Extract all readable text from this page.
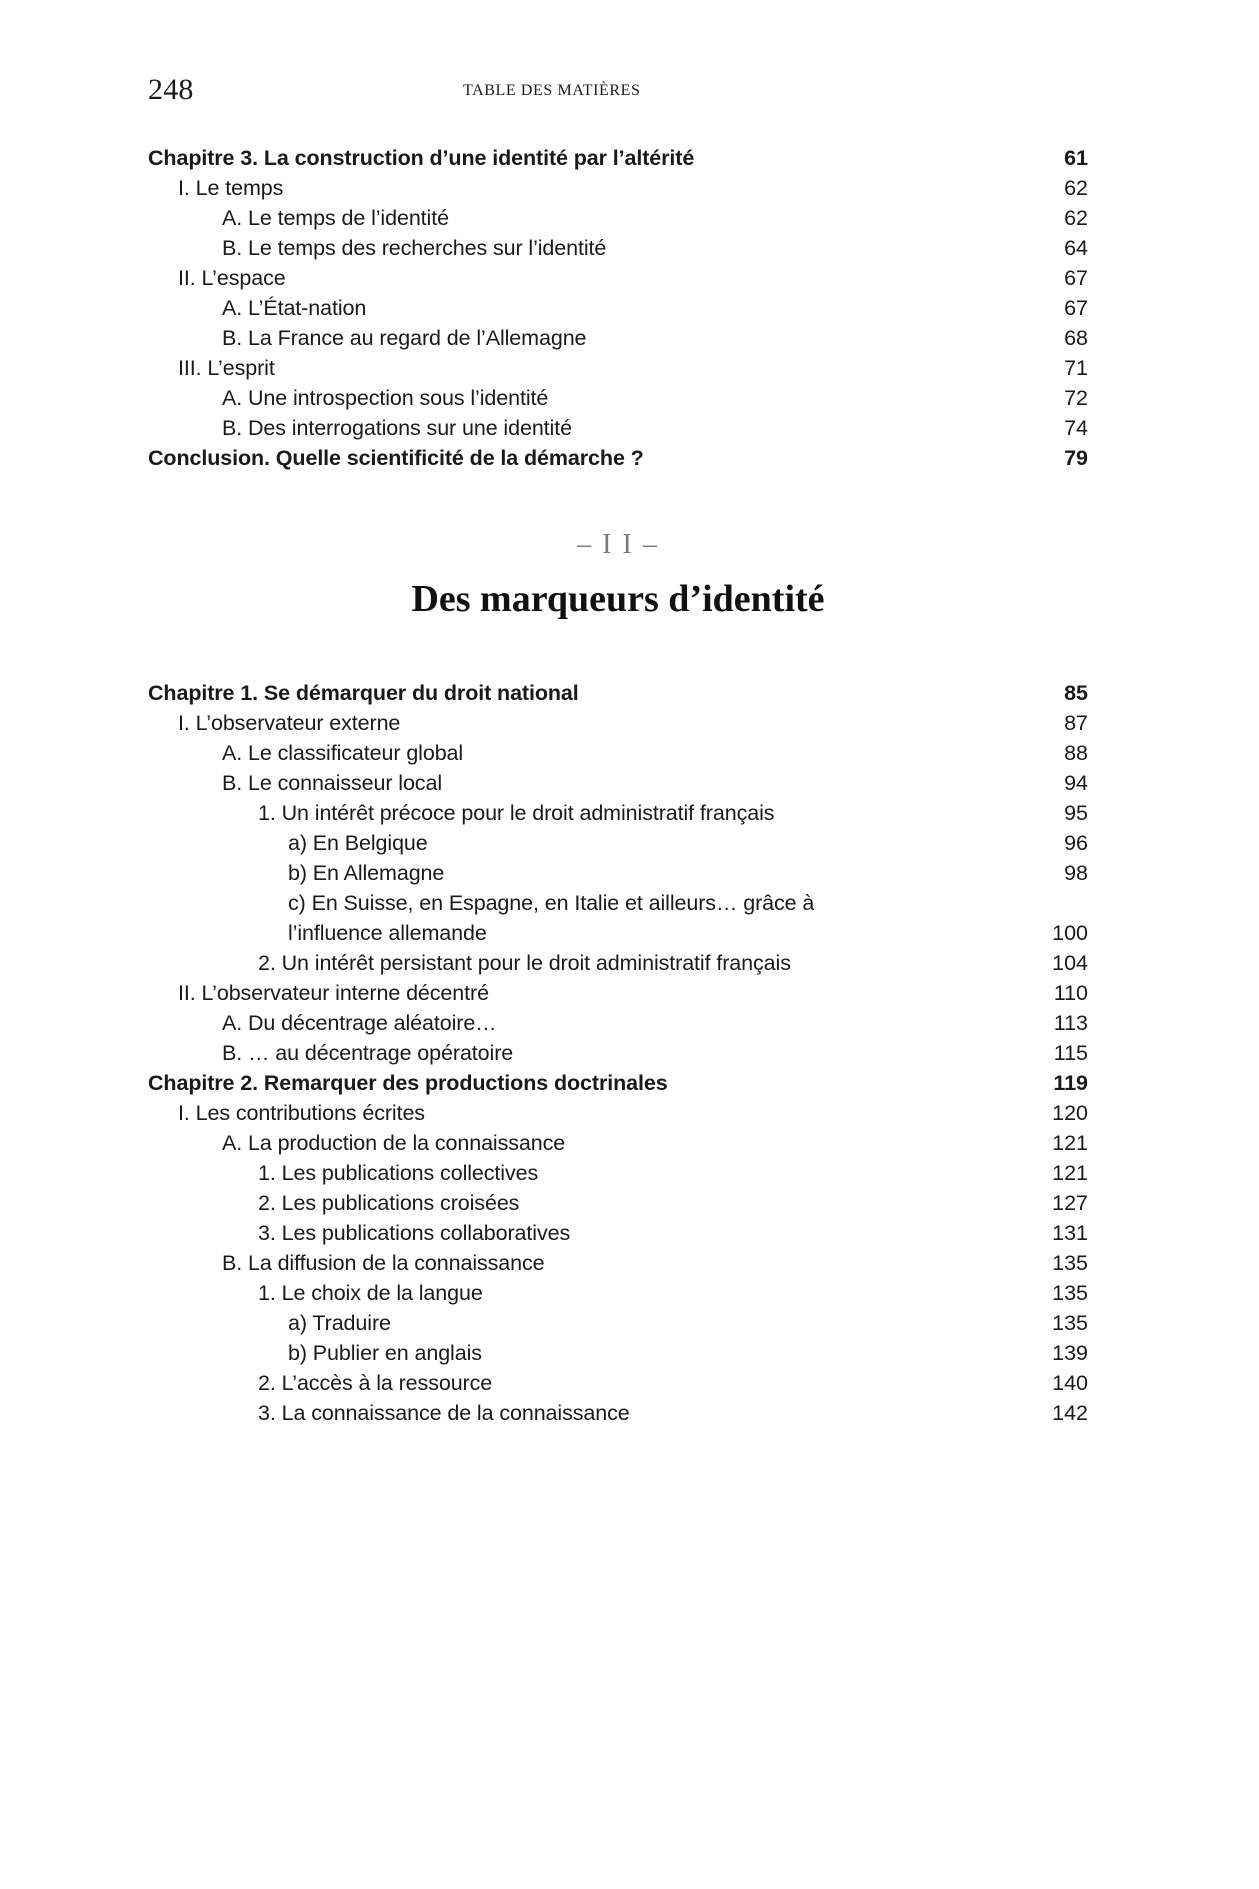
248	TABLE DES MATIÈRES
Chapitre 3. La construction d’une identité par l’altérité	61
I. Le temps	62
A. Le temps de l’identité	62
B. Le temps des recherches sur l’identité	64
II. L’espace	67
A. L’État-nation	67
B. La France au regard de l’Allemagne	68
III. L’esprit	71
A. Une introspection sous l’identité	72
B. Des interrogations sur une identité	74
Conclusion. Quelle scientificité de la démarche ?	79
– I I –
Des marqueurs d’identité
Chapitre 1. Se démarquer du droit national	85
I. L’observateur externe	87
A. Le classificateur global	88
B. Le connaisseur local	94
1. Un intérêt précoce pour le droit administratif français	95
a) En Belgique	96
b) En Allemagne	98
c) En Suisse, en Espagne, en Italie et ailleurs… grâce à
l’influence allemande	100
2. Un intérêt persistant pour le droit administratif français	104
II. L’observateur interne décentré	110
A. Du décentrage aléatoire…	113
B. … au décentrage opératoire	115
Chapitre 2. Remarquer des productions doctrinales	119
I. Les contributions écrites	120
A. La production de la connaissance	121
1. Les publications collectives	121
2. Les publications croisées	127
3. Les publications collaboratives	131
B. La diffusion de la connaissance	135
1. Le choix de la langue	135
a) Traduire	135
b) Publier en anglais	139
2. L’accès à la ressource	140
3. La connaissance de la connaissance	142
